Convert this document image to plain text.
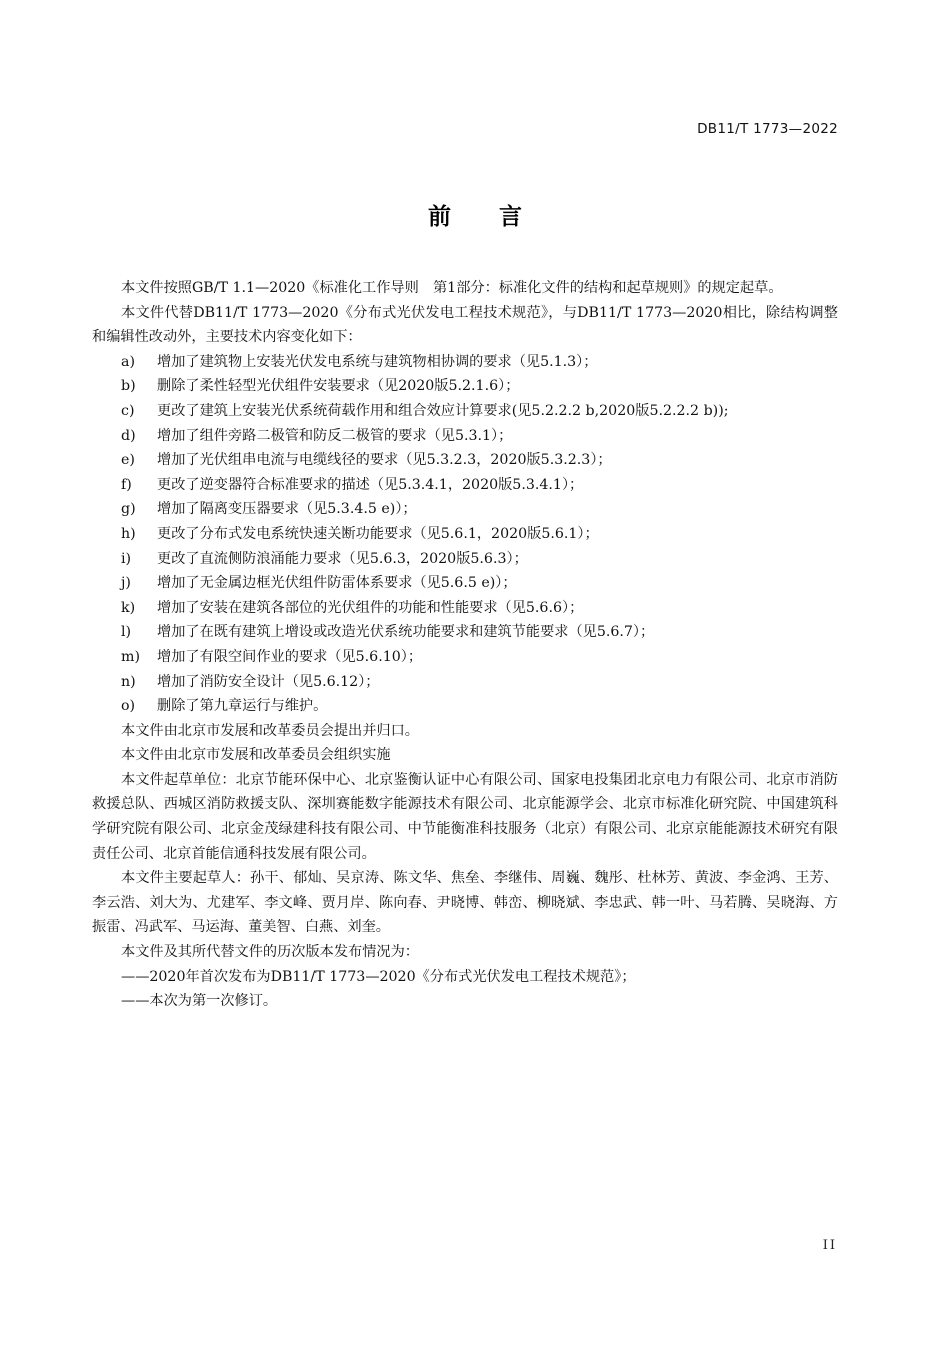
DB11/T 1773—2022
前言

本文件按照GB/T 1.1—2020《标准化工作导则　第1部分：标准化文件的结构和起草规则》的规定起草。

本文件代替DB11/T 1773—2020《分布式光伏发电工程技术规范》，与DB11/T 1773—2020相比，除结构调整和编辑性改动外，主要技术内容变化如下：

a) 增加了建筑物上安装光伏发电系统与建筑物相协调的要求（见5.1.3）；

b) 删除了柔性轻型光伏组件安装要求（见2020版5.2.1.6）；

c) 更改了建筑上安装光伏系统荷载作用和组合效应计算要求(见5.2.2.2 b,2020版5.2.2.2 b));

d) 增加了组件旁路二极管和防反二极管的要求（见5.3.1）；

e) 增加了光伏组串电流与电缆线径的要求（见5.3.2.3，2020版5.3.2.3）；

f) 更改了逆变器符合标准要求的描述（见5.3.4.1，2020版5.3.4.1）；

g) 增加了隔离变压器要求（见5.3.4.5 e)）；

h) 更改了分布式发电系统快速关断功能要求（见5.6.1，2020版5.6.1）；

i) 更改了直流侧防浪涌能力要求（见5.6.3，2020版5.6.3）；

j) 增加了无金属边框光伏组件防雷体系要求（见5.6.5 e)）；

k) 增加了安装在建筑各部位的光伏组件的功能和性能要求（见5.6.6）；

l) 增加了在既有建筑上增设或改造光伏系统功能要求和建筑节能要求（见5.6.7）；

m) 增加了有限空间作业的要求（见5.6.10）；

n) 增加了消防安全设计（见5.6.12）；

o) 删除了第九章运行与维护。

本文件由北京市发展和改革委员会提出并归口。

本文件由北京市发展和改革委员会组织实施

本文件起草单位：北京节能环保中心、北京鉴衡认证中心有限公司、国家电投集团北京电力有限公司、北京市消防救援总队、西城区消防救援支队、深圳赛能数字能源技术有限公司、北京能源学会、北京市标准化研究院、中国建筑科学研究院有限公司、北京金茂绿建科技有限公司、中节能衡准科技服务（北京）有限公司、北京京能能源技术研究有限责任公司、北京首能信通科技发展有限公司。

本文件主要起草人：孙干、郁灿、吴京涛、陈文华、焦垒、李继伟、周巍、魏彤、杜林芳、黄波、李金鸿、王芳、李云浩、刘大为、尤建军、李文峰、贾月岸、陈向春、尹晓博、韩峦、柳晓斌、李忠武、韩一叶、马若腾、吴晓海、方振雷、冯武军、马运海、董美智、白燕、刘奎。

本文件及其所代替文件的历次版本发布情况为：

——2020年首次发布为DB11/T 1773—2020《分布式光伏发电工程技术规范》；

——本次为第一次修订。

II
